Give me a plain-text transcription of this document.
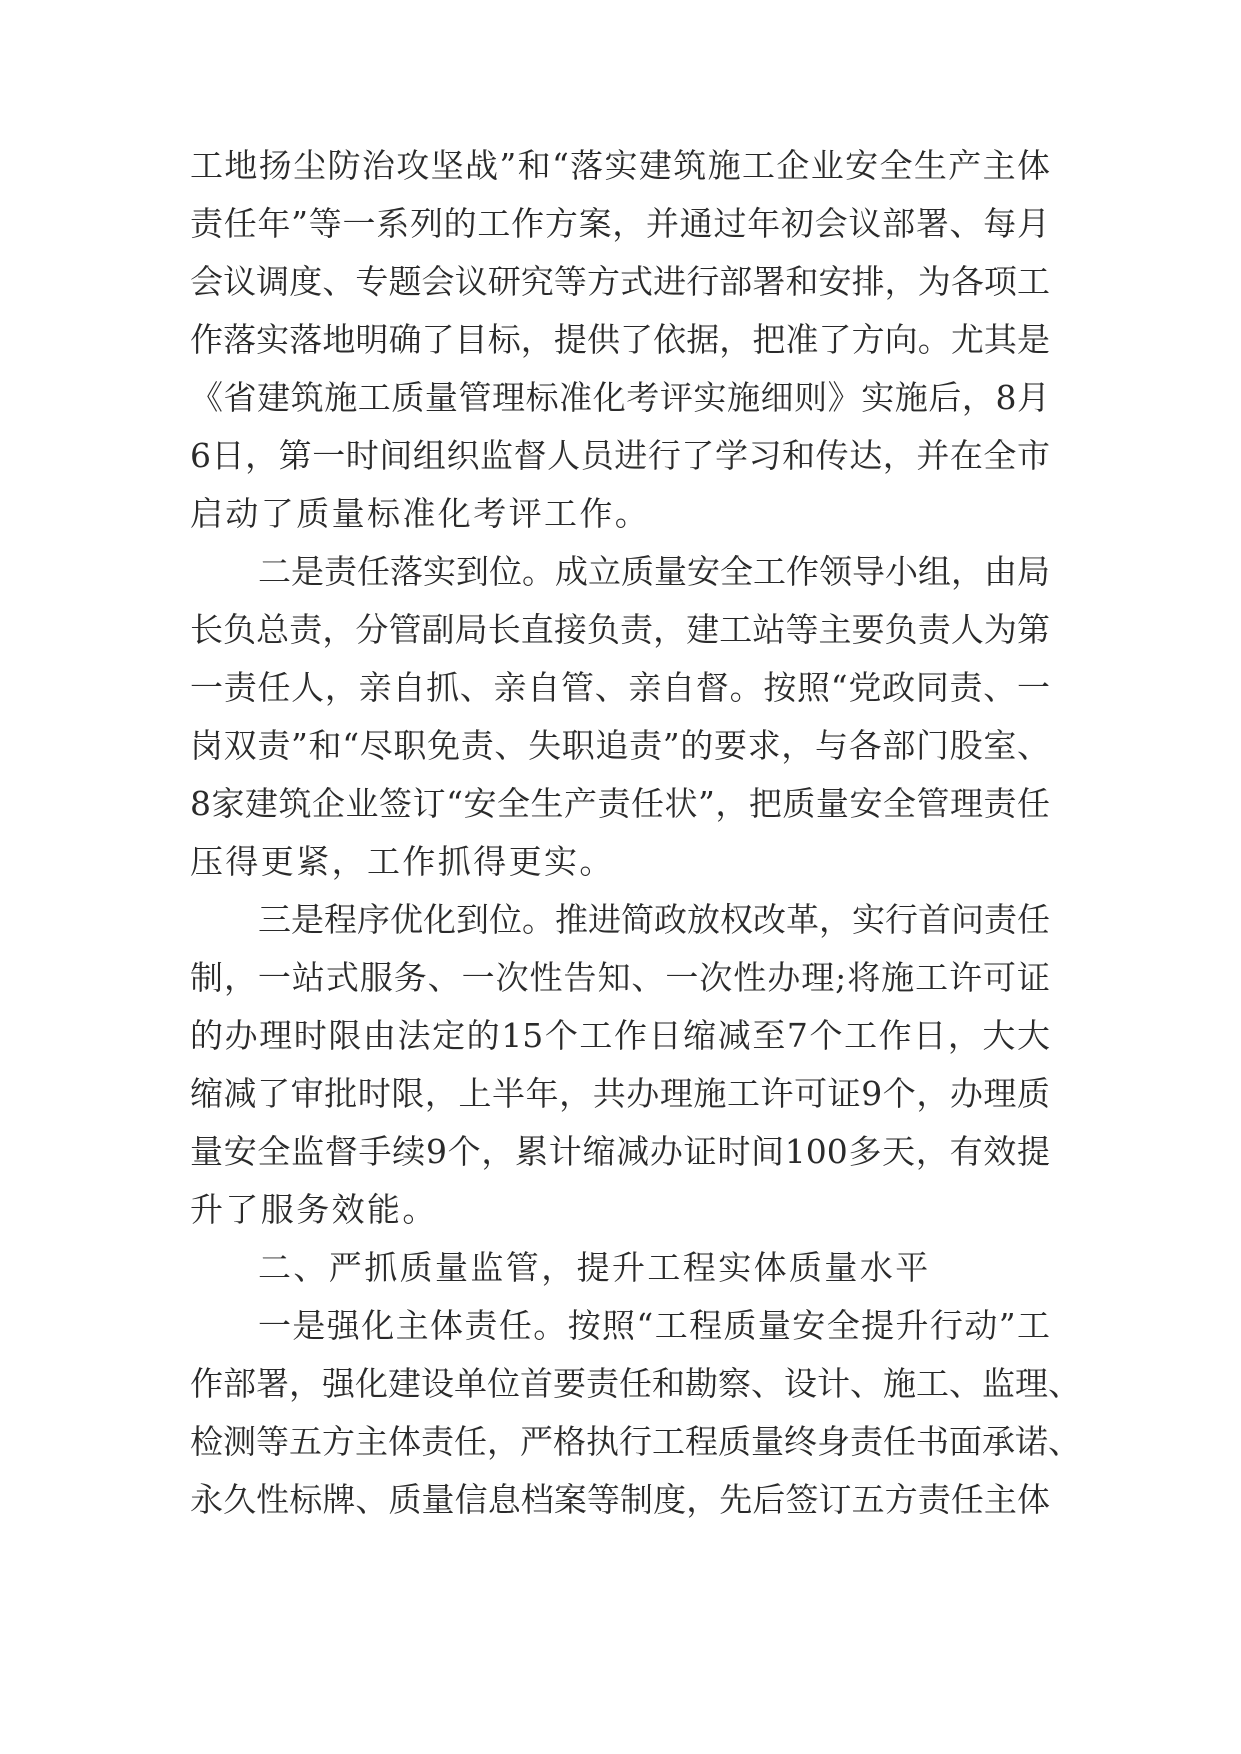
工地扬尘防治攻坚战”和“落实建筑施工企业安全生产主体
责任年”等一系列的工作方案，并通过年初会议部署、每月
会议调度、专题会议研究等方式进行部署和安排，为各项工
作落实落地明确了目标，提供了依据，把准了方向。尤其是
《省建筑施工质量管理标准化考评实施细则》实施后，8月
6日，第一时间组织监督人员进行了学习和传达，并在全市
启动了质量标准化考评工作。
二是责任落实到位。成立质量安全工作领导小组，由局
长负总责，分管副局长直接负责，建工站等主要负责人为第
一责任人，亲自抓、亲自管、亲自督。按照“党政同责、一
岗双责”和“尽职免责、失职追责”的要求，与各部门股室、
8家建筑企业签订“安全生产责任状”，把质量安全管理责任
压得更紧，工作抓得更实。
三是程序优化到位。推进简政放权改革，实行首问责任
制，一站式服务、一次性告知、一次性办理;将施工许可证
的办理时限由法定的15个工作日缩减至7个工作日，大大
缩减了审批时限，上半年，共办理施工许可证9个，办理质
量安全监督手续9个，累计缩减办证时间100多天，有效提
升了服务效能。
二、严抓质量监管，提升工程实体质量水平
一是强化主体责任。按照“工程质量安全提升行动”工
作部署，强化建设单位首要责任和勘察、设计、施工、监理、
检测等五方主体责任，严格执行工程质量终身责任书面承诺、
永久性标牌、质量信息档案等制度，先后签订五方责任主体
